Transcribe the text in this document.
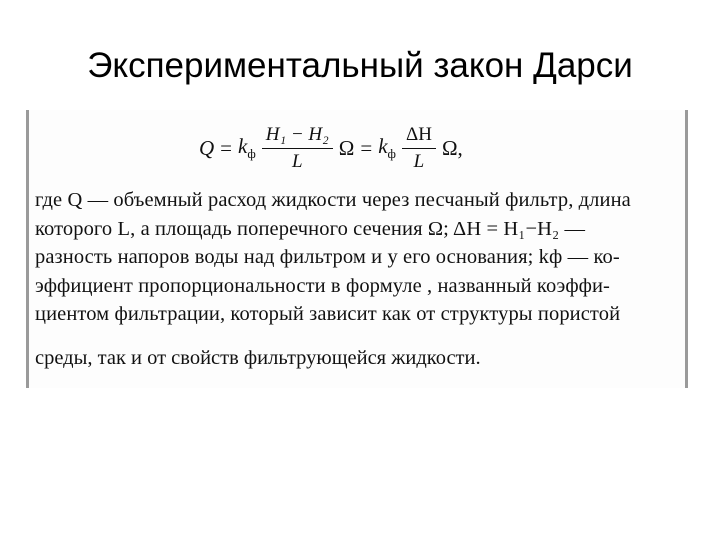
Экспериментальный закон Дарси
$Q = k_ф \frac{\text{H₁ − H₂}}{L}$ $\Omega = k_ф \frac{\Delta H}{L} \Omega$,
где Q — объемный расход жидкости через песчаный фильтр, длина
которого L, а площадь поперечного сечения Ω; ΔH = H₁−H₂ —
разность напоров воды над фильтром и у его основания; kф — ко-
эффициент пропорциональности в формуле , названный коэффи-
циентом фильтрации, который зависит как от структуры пористой
среды, так и от свойств фильтрующейся жидкости.
